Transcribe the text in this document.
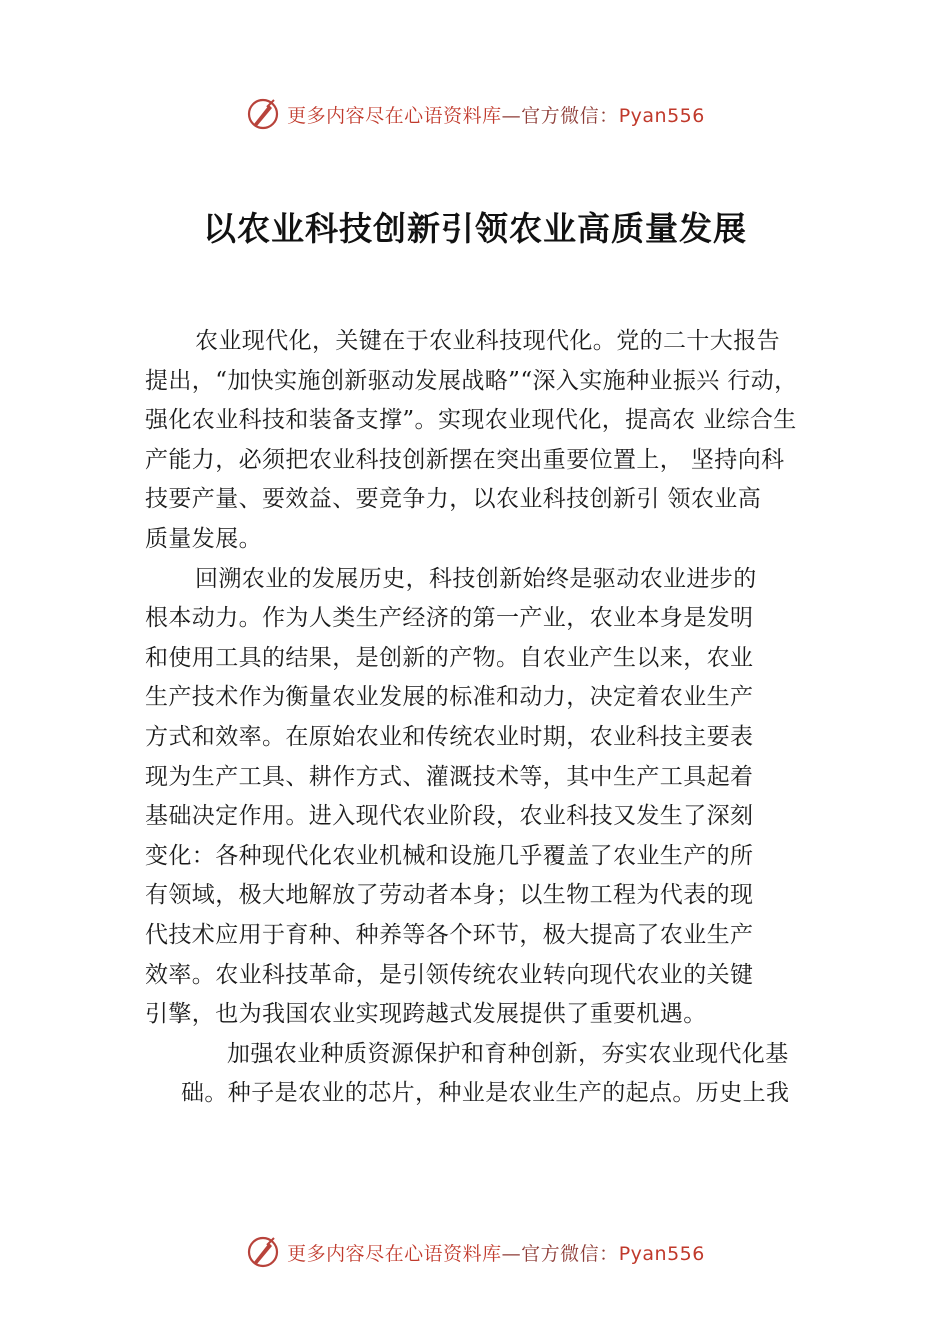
更多内容尽在心语资料库—官方微信：Pyan556
以农业科技创新引领农业高质量发展
农业现代化，关键在于农业科技现代化。党的二十大报告
提出，“加快实施创新驱动发展战略”“深入实施种业振兴 行动，
强化农业科技和装备支撑”。实现农业现代化，提高农 业综合生
产能力，必须把农业科技创新摆在突出重要位置上， 坚持向科
技要产量、要效益、要竞争力，以农业科技创新引 领农业高
质量发展。
回溯农业的发展历史，科技创新始终是驱动农业进步的
根本动力。作为人类生产经济的第一产业，农业本身是发明
和使用工具的结果，是创新的产物。自农业产生以来，农业
生产技术作为衡量农业发展的标准和动力，决定着农业生产
方式和效率。在原始农业和传统农业时期，农业科技主要表
现为生产工具、耕作方式、灌溉技术等，其中生产工具起着
基础决定作用。进入现代农业阶段，农业科技又发生了深刻
变化：各种现代化农业机械和设施几乎覆盖了农业生产的所
有领域，极大地解放了劳动者本身；以生物工程为代表的现
代技术应用于育种、种养等各个环节，极大提高了农业生产
效率。农业科技革命，是引领传统农业转向现代农业的关键
引擎，也为我国农业实现跨越式发展提供了重要机遇。
加强农业种质资源保护和育种创新，夯实农业现代化基
础。种子是农业的芯片，种业是农业生产的起点。历史上我
更多内容尽在心语资料库—官方微信：Pyan556
